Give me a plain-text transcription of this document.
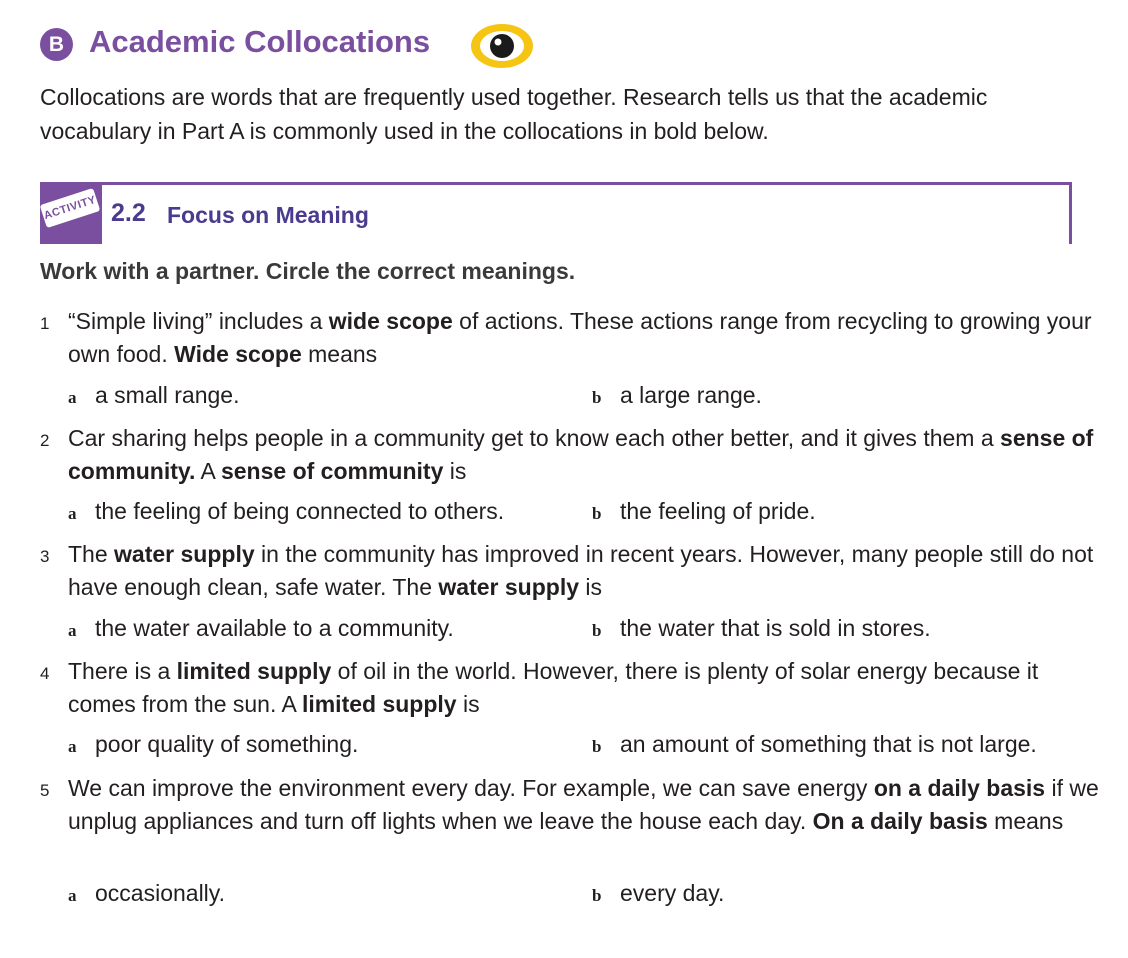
B Academic Collocations
Collocations are words that are frequently used together. Research tells us that the academic vocabulary in Part A is commonly used in the collocations in bold below.
ACTIVITY 2.2 Focus on Meaning
Work with a partner. Circle the correct meanings.
1 “Simple living” includes a wide scope of actions. These actions range from recycling to growing your own food. Wide scope means
a a small range.	b a large range.
2 Car sharing helps people in a community get to know each other better, and it gives them a sense of community. A sense of community is
a the feeling of being connected to others.	b the feeling of pride.
3 The water supply in the community has improved in recent years. However, many people still do not have enough clean, safe water. The water supply is
a the water available to a community.	b the water that is sold in stores.
4 There is a limited supply of oil in the world. However, there is plenty of solar energy because it comes from the sun. A limited supply is
a poor quality of something.	b an amount of something that is not large.
5 We can improve the environment every day. For example, we can save energy on a daily basis if we unplug appliances and turn off lights when we leave the house each day. On a daily basis means
a occasionally.	b every day.
